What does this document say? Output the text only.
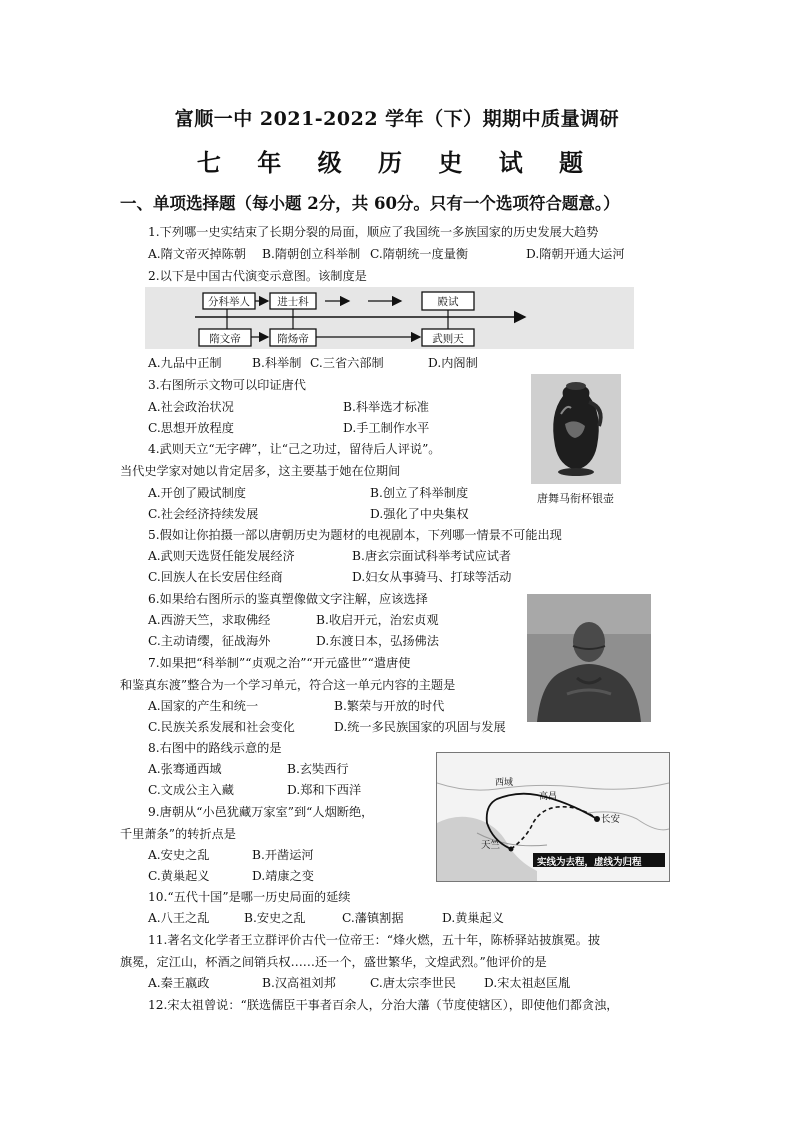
富顺一中 2021-2022 学年（下）期期中质量调研
七 年 级 历 史 试 题
一、单项选择题（每小题 2分，共 60分。只有一个选项符合题意。）
1.下列哪一史实结束了长期分裂的局面，顺应了我国统一多族国家的历史发展大趋势
A.隋文帝灭掉陈朝 B.隋朝创立科举制 C.隋朝统一度量衡	D.隋朝开通大运河
2.以下是中国古代演变示意图。该制度是
分科举人	进士科	殿试
隋文帝	隋炀帝	武则天
A.九品中正制 B.科举制 C.三省六部制	D.内阁制
3.右图所示文物可以印证唐代
A.社会政治状况	B.科举选才标准
C.思想开放程度	D.手工制作水平
唐舞马衔杯银壶
4.武则天立“无字碑”，让“己之功过，留待后人评说”。
当代史学家对她以肯定居多，这主要基于她在位期间
A.开创了殿试制度	B.创立了科举制度
C.社会经济持续发展	D.强化了中央集权
5.假如让你拍摄一部以唐朝历史为题材的电视剧本，下列哪一情景不可能出现
A.武则天选贤任能发展经济	B.唐玄宗面试科举考试应试者
C.回族人在长安居住经商	D.妇女从事骑马、打球等活动
6.如果给右图所示的鉴真塑像做文字注解，应该选择
A.西游天竺，求取佛经	B.收启开元，治宏贞观
C.主动请缨，征战海外	D.东渡日本，弘扬佛法
7.如果把“科举制”“贞观之治”“开元盛世”“遣唐使
和鉴真东渡”整合为一个学习单元，符合这一单元内容的主题是
A.国家的产生和统一	B.繁荣与开放的时代
C.民族关系发展和社会变化	D.统一多民族国家的巩固与发展
8.右图中的路线示意的是
A.张骞通西域	B.玄奘西行
C.文成公主入藏	D.郑和下西洋	西域
高昌
长安
天竺
实线为去程，虚线为归程
9.唐朝从“小邑犹藏万家室”到“人烟断绝，
千里萧条”的转折点是
A.安史之乱	B.开凿运河
C.黄巢起义	D.靖康之变
10.“五代十国”是哪一历史局面的延续
A.八王之乱	B.安史之乱	C.藩镇割据	D.黄巢起义
11.著名文化学者王立群评价古代一位帝王：“烽火燃，五十年，陈桥驿站披旗冕。披
旗冕，定江山，杯酒之间销兵权……还一个，盛世繁华，文煌武烈。”他评价的是
A.秦王嬴政	B.汉高祖刘邦	C.唐太宗李世民 D.宋太祖赵匡胤
12.宋太祖曾说：“朕选儒臣干事者百余人，分治大藩（节度使辖区），即使他们都贪浊，
